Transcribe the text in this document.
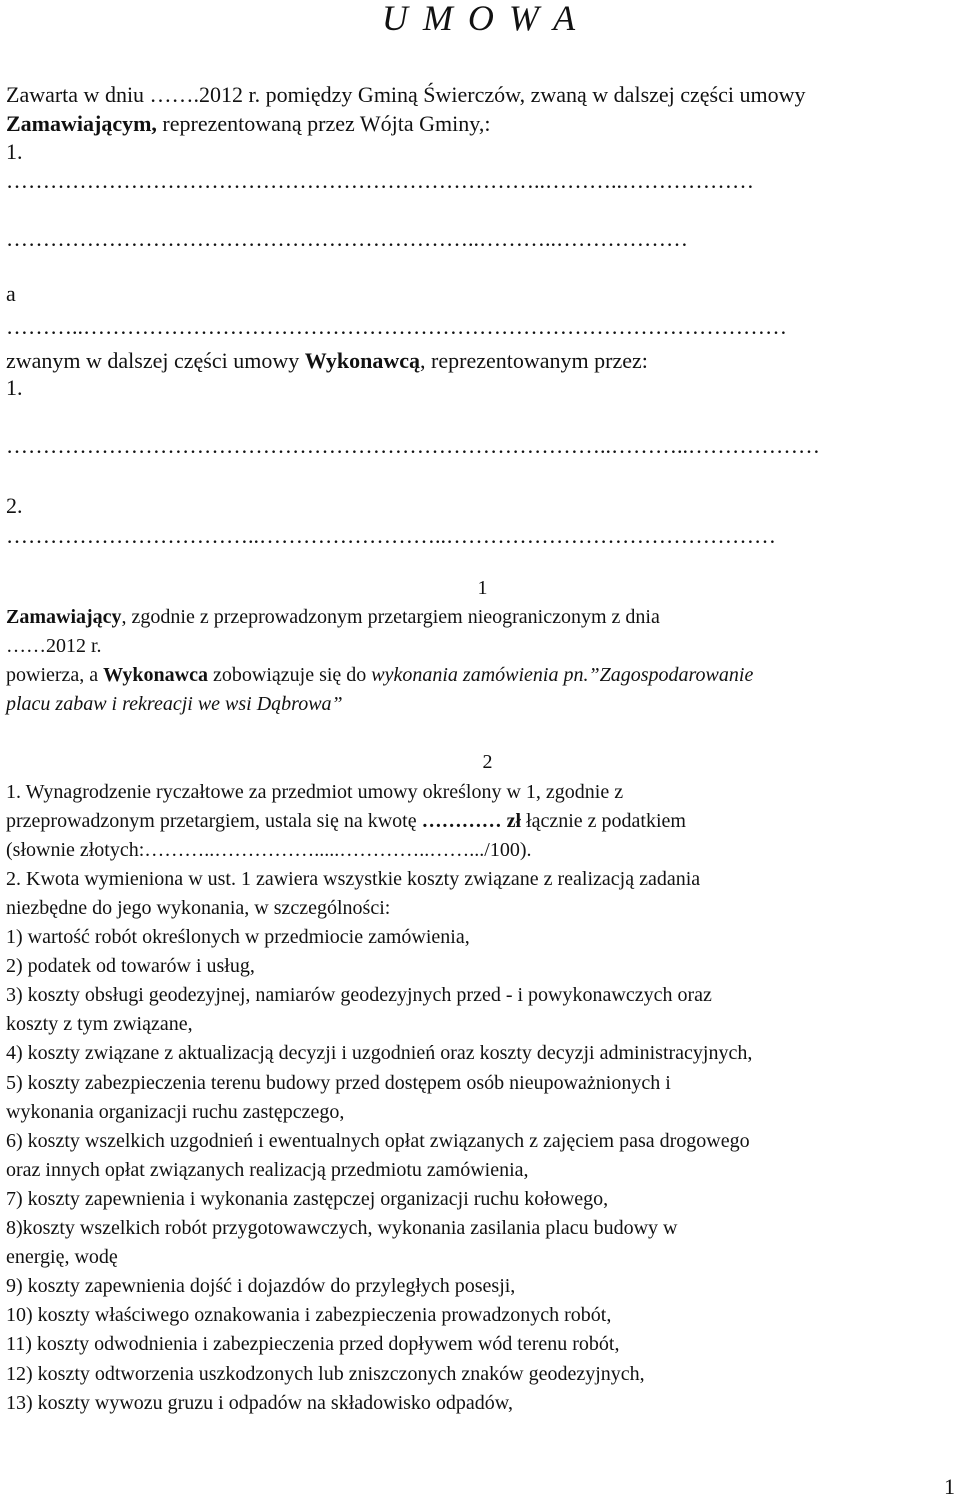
U M O W A
Zawarta w dniu …….2012 r. pomiędzy Gminą Świerczów, zwaną w dalszej części umowy
Zamawiającym, reprezentowaną przez Wójta Gminy,:
1.
………………………………………………………………..………..………………
………………………………………………………..………..………………
a
………..……………………………………………………………………………………
zwanym w dalszej części umowy Wykonawcą, reprezentowanym przez:
1.
………………………………………………………………………..………..………………
2.
……………………………..……………………..………………………………………
1
Zamawiający, zgodnie z przeprowadzonym przetargiem nieograniczonym z dnia
……2012 r.
powierza, a Wykonawca zobowiązuje się do wykonania zamówienia pn.”Zagospodarowanie
placu zabaw i rekreacji we wsi Dąbrowa”
2
1. Wynagrodzenie ryczałtowe za przedmiot umowy określony w 1, zgodnie z
przeprowadzonym przetargiem, ustala się na kwotę ………… zł łącznie z podatkiem
(słownie złotych:………..…………….....…………..…….../100).
2. Kwota wymieniona w ust. 1 zawiera wszystkie koszty związane z realizacją zadania
niezbędne do jego wykonania, w szczególności:
1) wartość robót określonych w przedmiocie zamówienia,
2) podatek od towarów i usług,
3) koszty obsługi geodezyjnej, namiarów geodezyjnych przed - i powykonawczych oraz
koszty z tym związane,
4) koszty związane z aktualizacją decyzji i uzgodnień oraz koszty decyzji administracyjnych,
5) koszty zabezpieczenia terenu budowy przed dostępem osób nieupoważnionych i
wykonania organizacji ruchu zastępczego,
6) koszty wszelkich uzgodnień i ewentualnych opłat związanych z zajęciem pasa drogowego
oraz innych opłat związanych realizacją przedmiotu zamówienia,
7) koszty zapewnienia i wykonania zastępczej organizacji ruchu kołowego,
8)koszty wszelkich robót przygotowawczych, wykonania zasilania placu budowy w
energię, wodę
9) koszty zapewnienia dojść i dojazdów do przyległych posesji,
10) koszty właściwego oznakowania i zabezpieczenia prowadzonych robót,
11) koszty odwodnienia i zabezpieczenia przed dopływem wód terenu robót,
12) koszty odtworzenia uszkodzonych lub zniszczonych znaków geodezyjnych,
13) koszty wywozu gruzu i odpadów na składowisko odpadów,
1
